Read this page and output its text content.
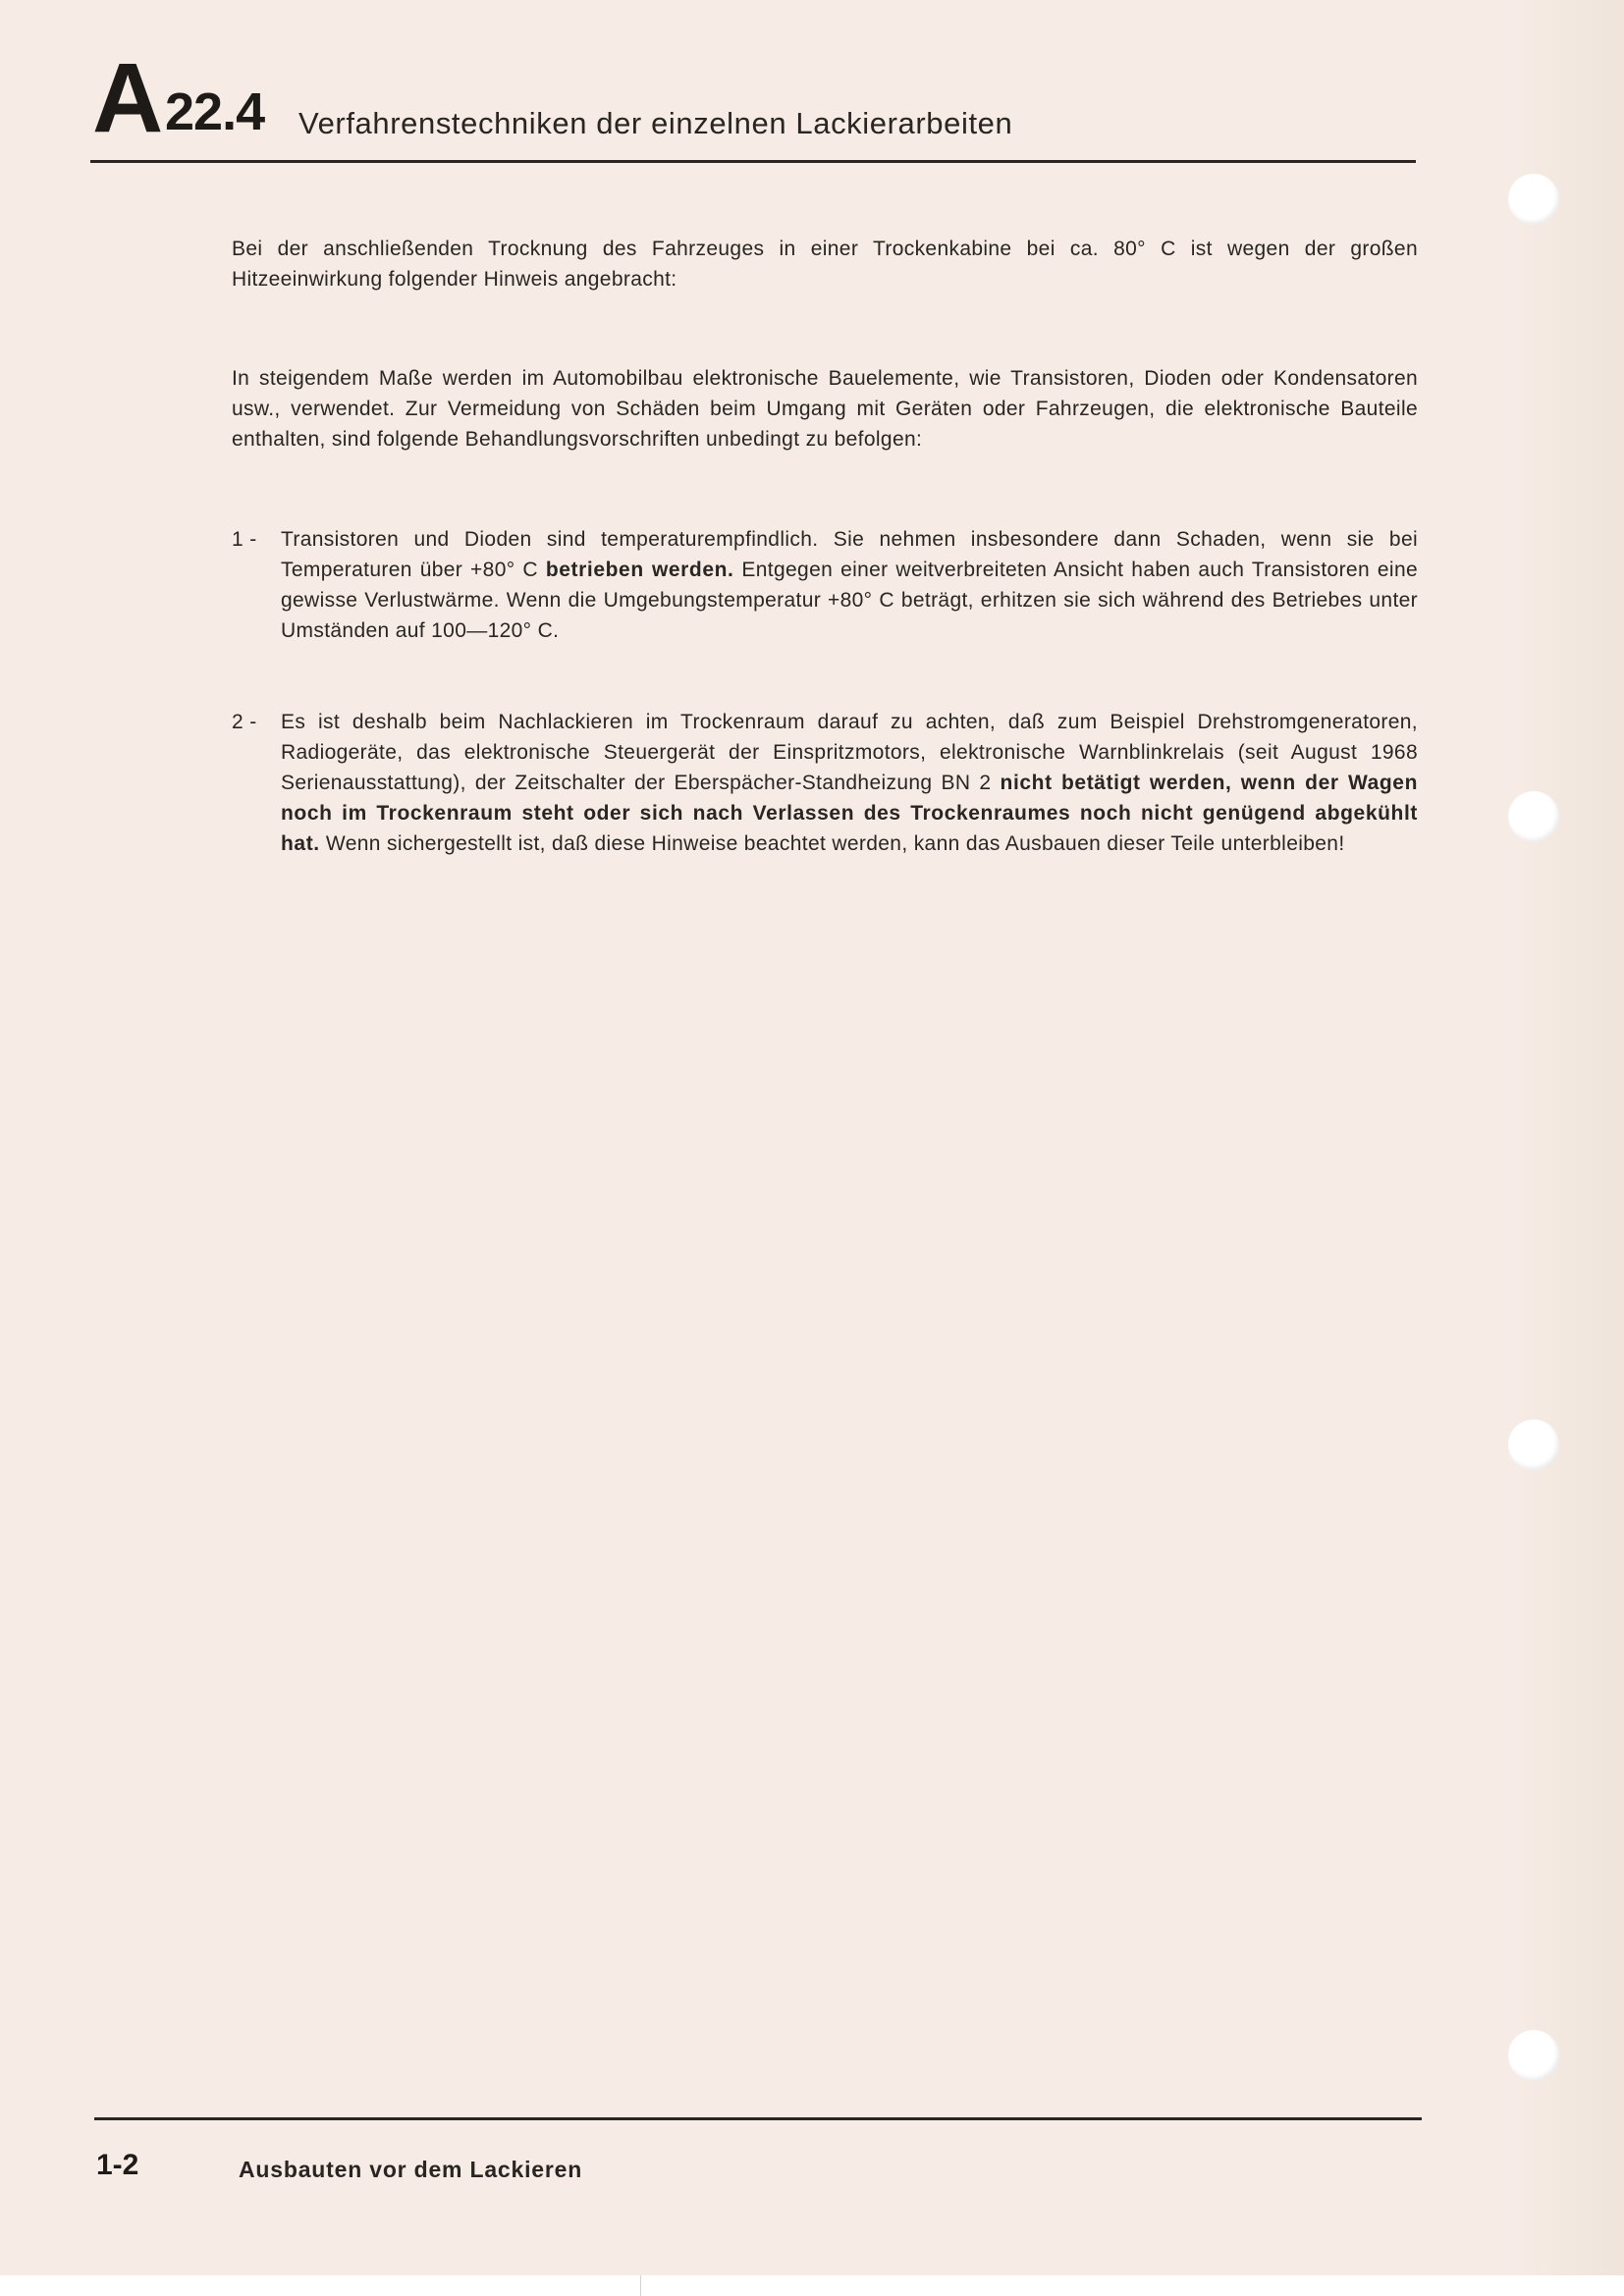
A 22.4 Verfahrenstechniken der einzelnen Lackierarbeiten

Bei der anschließenden Trocknung des Fahrzeuges in einer Trockenkabine bei ca. 80° C ist wegen der großen Hitzeeinwirkung folgender Hinweis angebracht:

In steigendem Maße werden im Automobilbau elektronische Bauelemente, wie Transistoren, Dioden oder Kondensatoren usw., verwendet. Zur Vermeidung von Schäden beim Umgang mit Geräten oder Fahrzeugen, die elektronische Bauteile enthalten, sind folgende Behandlungsvorschriften unbedingt zu befolgen:

1 -	Transistoren und Dioden sind temperaturempfindlich. Sie nehmen insbesondere dann Schaden, wenn sie bei Temperaturen über +80° C betrieben werden. Entgegen einer weitverbreiteten Ansicht haben auch Transistoren eine gewisse Verlustwärme. Wenn die Umgebungstemperatur +80° C beträgt, erhitzen sie sich während des Betriebes unter Umständen auf 100—120° C.
2 -	Es ist deshalb beim Nachlackieren im Trockenraum darauf zu achten, daß zum Beispiel Drehstromgeneratoren, Radiogeräte, das elektronische Steuergerät der Einspritzmotors, elektronische Warnblinkrelais (seit August 1968 Serienausstattung), der Zeitschalter der Eberspächer-Standheizung BN 2 nicht betätigt werden, wenn der Wagen noch im Trockenraum steht oder sich nach Verlassen des Trockenraumes noch nicht genügend abgekühlt hat. Wenn sichergestellt ist, daß diese Hinweise beachtet werden, kann das Ausbauen dieser Teile unterbleiben!
1-2	Ausbauten vor dem Lackieren
